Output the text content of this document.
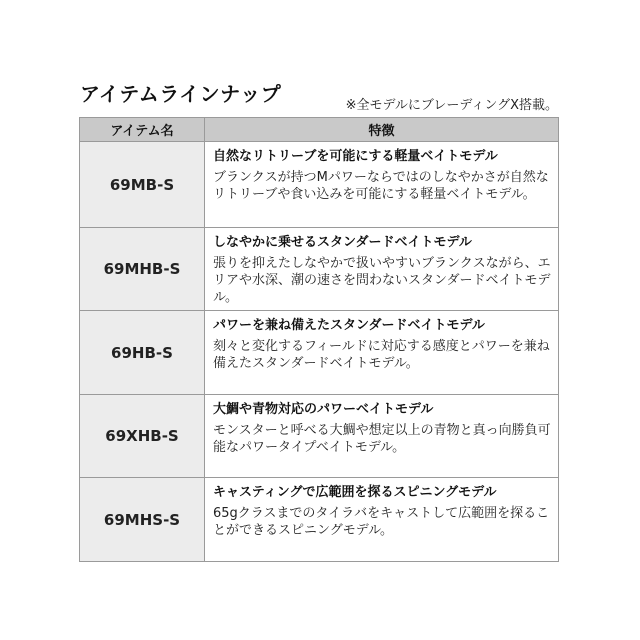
アイテムラインナップ	※全モデルにブレーディングX搭載。
アイテム名	特徴
69MB-S
自然なリトリーブを可能にする軽量ベイトモデル
ブランクスが持つMパワーならではのしなやかさが自然なリトリーブや食い込みを可能にする軽量ベイトモデル。
69MHB-S
しなやかに乗せるスタンダードベイトモデル
張りを抑えたしなやかで扱いやすいブランクスながら、エリアや水深、潮の速さを問わないスタンダードベイトモデル。
69HB-S
パワーを兼ね備えたスタンダードベイトモデル
刻々と変化するフィールドに対応する感度とパワーを兼ね備えたスタンダードベイトモデル。
69XHB-S
大鯛や青物対応のパワーベイトモデル
モンスターと呼べる大鯛や想定以上の青物と真っ向勝負可能なパワータイプベイトモデル。
69MHS-S
キャスティングで広範囲を探るスピニングモデル
65gクラスまでのタイラバをキャストして広範囲を探ることができるスピニングモデル。
